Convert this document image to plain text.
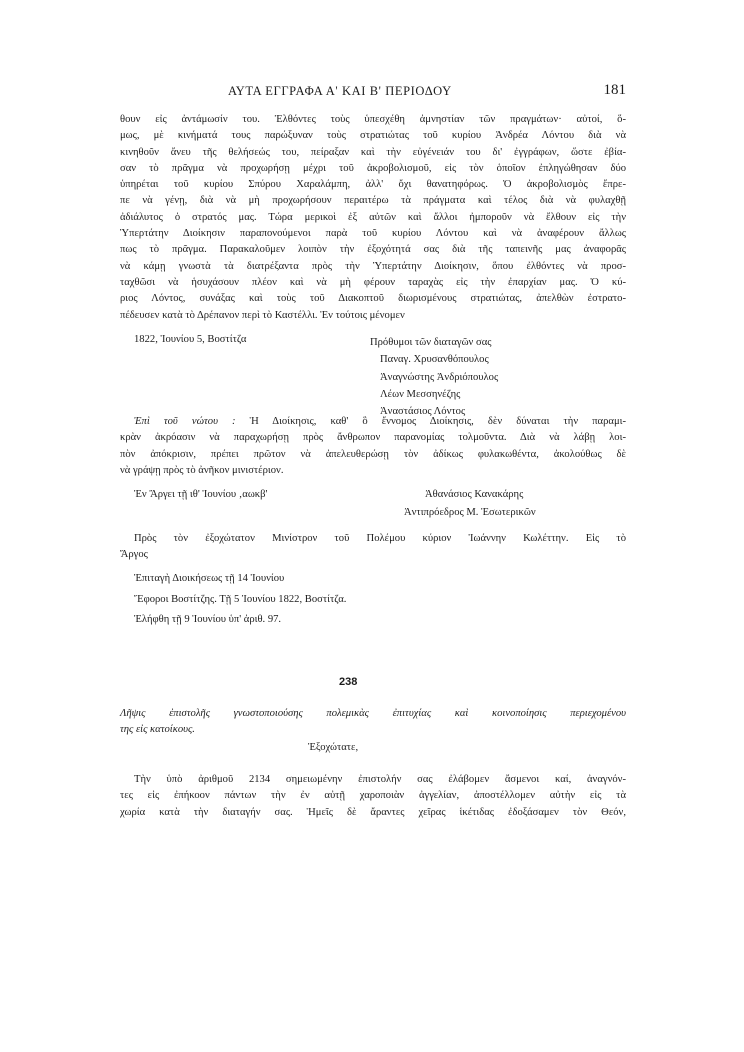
ΑΥΤΑ ΕΓΓΡΑΦΑ Α' ΚΑΙ Β' ΠΕΡΙΟΔΟΥ	181
θουν εἰς ἀντάμωσίν του. Ἐλθόντες τοὺς ὑπεσχέθη ἀμνηστίαν τῶν πραγμάτων· αὐτοί, ὅ-
μως, μὲ κινήματά τους παρώξυναν τοὺς στρατιώτας τοῦ κυρίου Ἀνδρέα Λόντου διὰ νὰ
κινηθοῦν ἄνευ τῆς θελήσεώς του, πείραξαν καὶ τὴν εὐγένειάν του δι' ἐγγράφων, ὥστε ἐβία-
σαν τὸ πρᾶγμα νὰ προχωρήσῃ μέχρι τοῦ ἀκροβολισμοῦ, εἰς τὸν ὁποῖον ἐπληγώθησαν δύο
ὑπηρέται τοῦ κυρίου Σπύρου Χαραλάμπη, ἀλλ' ὄχι θανατηφόρως. Ὁ ἀκροβολισμὸς ἔπρε-
πε νὰ γένῃ, διὰ νὰ μὴ προχωρήσουν περαιτέρω τὰ πράγματα καὶ τέλος διὰ νὰ φυλαχθῇ
ἀδιάλυτος ὁ στρατός μας. Τώρα μερικοὶ ἐξ αὐτῶν καὶ ἄλλοι ἠμποροῦν νὰ ἔλθουν εἰς τὴν
Ὑπερτάτην Διοίκησιν παραπονούμενοι παρὰ τοῦ κυρίου Λόντου καὶ νὰ ἀναφέρουν ἄλλως
πως τὸ πρᾶγμα. Παρακαλοῦμεν λοιπὸν τὴν ἐξοχότητά σας διὰ τῆς ταπεινῆς μας ἀναφορᾶς
νὰ κάμῃ γνωστὰ τὰ διατρέξαντα πρὸς τὴν Ὑπερτάτην Διοίκησιν, ὅπου ἐλθόντες νὰ προσ-
ταχθῶσι νὰ ἡσυχάσουν πλέον καὶ νὰ μὴ φέρουν ταραχὰς εἰς τὴν ἐπαρχίαν μας. Ὁ κύ-
ριος Λόντος, συνάξας καὶ τοὺς τοῦ Διακοπτοῦ διωρισμένους στρατιώτας, ἀπελθὼν ἐστρατο-
πέδευσεν κατὰ τὸ Δρέπανον περὶ τὸ Καστέλλι. Ἐν τούτοις μένομεν
1822, Ἰουνίου 5, Βοστίτζα	Πρόθυμοι τῶν διαταγῶν σας
Παναγ. Χρυσανθόπουλος
Ἀναγνώστης Ἀνδριόπουλος
Λέων Μεσσηνέζης
Ἀναστάσιος Λόντος
Ἐπὶ τοῦ νώτου : Ἡ Διοίκησις, καθ' ὃ ἔννομος Διοίκησις, δὲν δύναται τὴν παραμι-
κρὰν ἀκρόασιν νὰ παραχωρήσῃ πρὸς ἄνθρωπον παρανομίας τολμοῦντα. Διὰ νὰ λάβῃ λοι-
πὸν ἀπόκρισιν, πρέπει πρῶτον νὰ ἀπελευθερώσῃ τὸν ἀδίκως φυλακωθέντα, ἀκολούθως δὲ
νὰ γράψῃ πρὸς τὸ ἀνῆκον μινιστέριον.
Ἐν Ἄργει τῇ ιθ' Ἰουνίου ‚αωκβ'	Ἀθανάσιος Κανακάρης
Ἀντιπρόεδρος Μ. Ἐσωτερικῶν
Πρὸς τὸν ἐξοχώτατον Μινίστρον τοῦ Πολέμου κύριον Ἰωάννην Κωλέττην. Εἰς τὸ
Ἄργος
Ἐπιταγὴ Διοικήσεως τῇ 14 Ἰουνίου
Ἔφοροι Βοστίτζης. Τῇ 5 Ἰουνίου 1822, Βοστίτζα.
Ἐλήφθη τῇ 9 Ἰουνίου ὑπ' ἀριθ. 97.
238
Λῆψις ἐπιστολῆς γνωστοποιούσης πολεμικὰς ἐπιτυχίας καὶ κοινοποίησις περιεχομένου
της εἰς κατοίκους.
Ἐξοχώτατε,
Τὴν ὑπὸ ἀριθμοῦ 2134 σημειωμένην ἐπιστολήν σας ἐλάβομεν ἄσμενοι καί, ἀναγνόν-
τες εἰς ἐπήκοον πάντων τὴν ἐν αὐτῇ χαροποιὰν ἀγγελίαν, ἀποστέλλομεν αὐτὴν εἰς τὰ
χωρία κατὰ τὴν διαταγήν σας. Ἡμεῖς δὲ ἄραντες χεῖρας ἱκέτιδας ἐδοξάσαμεν τὸν Θεόν,
